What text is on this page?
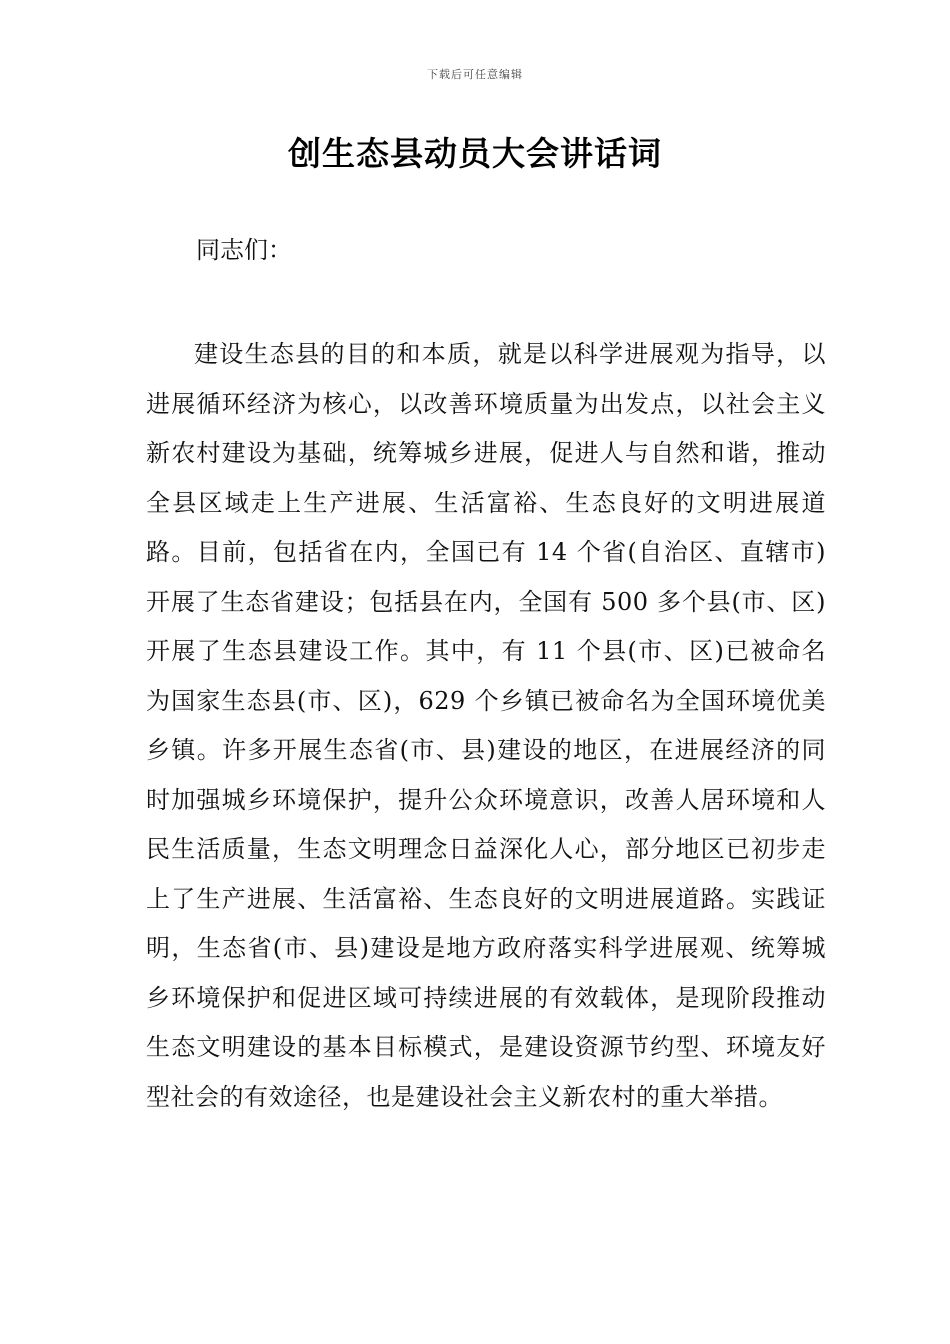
下载后可任意编辑
创生态县动员大会讲话词

同志们：

建设生态县的目的和本质，就是以科学进展观为指导，以进展循环经济为核心，以改善环境质量为出发点，以社会主义新农村建设为基础，统筹城乡进展，促进人与自然和谐，推动全县区域走上生产进展、生活富裕、生态良好的文明进展道路。目前，包括省在内，全国已有 14 个省(自治区、直辖市)开展了生态省建设；包括县在内，全国有 500 多个县(市、区)开展了生态县建设工作。其中，有 11 个县(市、区)已被命名为国家生态县(市、区)，629 个乡镇已被命名为全国环境优美乡镇。许多开展生态省(市、县)建设的地区，在进展经济的同时加强城乡环境保护，提升公众环境意识，改善人居环境和人民生活质量，生态文明理念日益深化人心，部分地区已初步走上了生产进展、生活富裕、生态良好的文明进展道路。实践证明，生态省(市、县)建设是地方政府落实科学进展观、统筹城乡环境保护和促进区域可持续进展的有效载体，是现阶段推动生态文明建设的基本目标模式，是建设资源节约型、环境友好型社会的有效途径，也是建设社会主义新农村的重大举措。
